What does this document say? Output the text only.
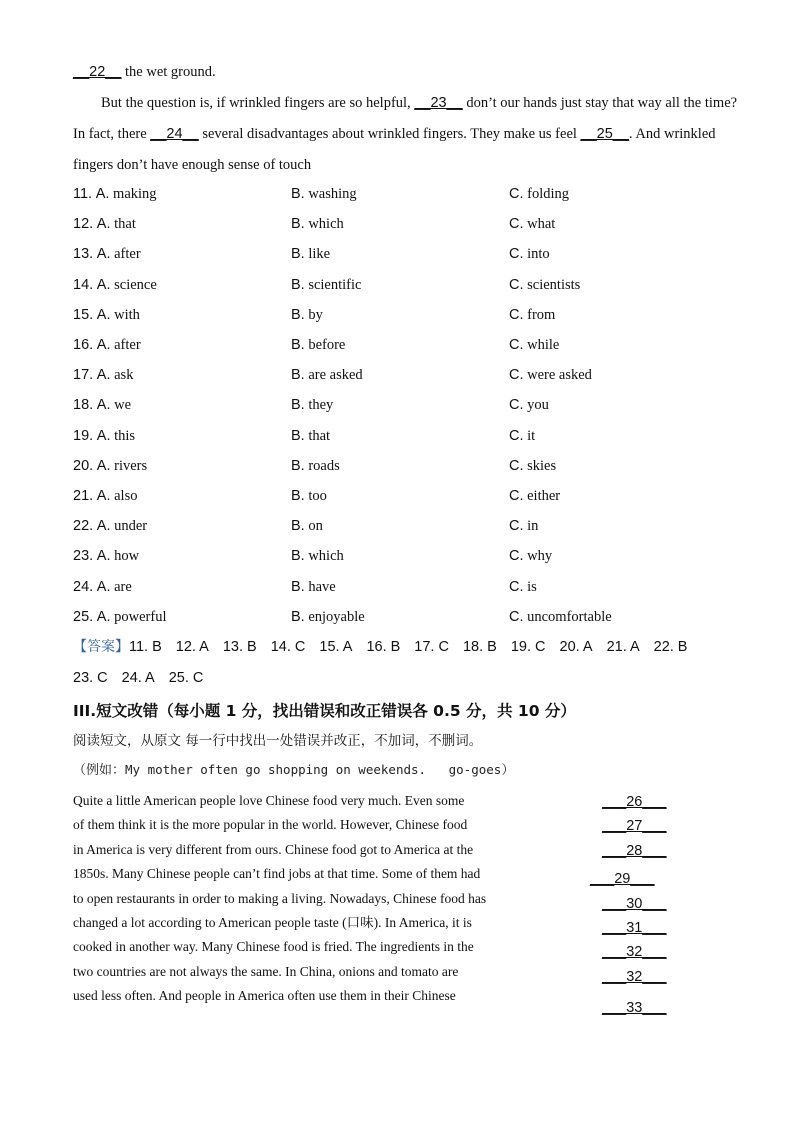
__22__ the wet ground.
But the question is, if wrinkled fingers are so helpful, __23__ don’t our hands just stay that way all the time?
In fact, there __24__ several disadvantages about wrinkled fingers. They make us feel __25__. And wrinkled
fingers don’t have enough sense of touch
11. A. making	B. washing	C. folding
12. A. that	B. which	C. what
13. A. after	B. like	C. into
14. A. science	B. scientific	C. scientists
15. A. with	B. by	C. from
16. A. after	B. before	C. while
17. A. ask	B. are asked	C. were asked
18. A. we	B. they	C. you
19. A. this	B. that	C. it
20. A. rivers	B. roads	C. skies
21. A. also	B. too	C. either
22. A. under	B. on	C. in
23. A. how	B. which	C. why
24. A. are	B. have	C. is
25. A. powerful	B. enjoyable	C. uncomfortable
【答案】11. B 12. A 13. B 14. C 15. A 16. B 17. C 18. B 19. C 20. A 21. A 22. B
23. C 24. A 25. C
III.短文改错（每小题 1 分，找出错误和改正错误各 0.5 分，共 10 分）
阅读短文，从原文 每一行中找出一处错误并改正，不加词，不删词。
（例如：My mother often go shopping on weekends.   go-goes）
Quite a little American people love Chinese food very much. Even some	___26___
of them think it is the more popular in the world. However, Chinese food	___27___
in America is very different from ours. Chinese food got to America at the	___28___
1850s. Many Chinese people can’t find jobs at that time. Some of them had	___29___
to open restaurants in order to making a living. Nowadays, Chinese food has	___30___
changed a lot according to American people taste (口味). In America, it is	___31___
cooked in another way. Many Chinese food is fried. The ingredients in the	___32___
two countries are not always the same. In China, onions and tomato are	___32___
used less often. And people in America often use them in their Chinese
___33___
